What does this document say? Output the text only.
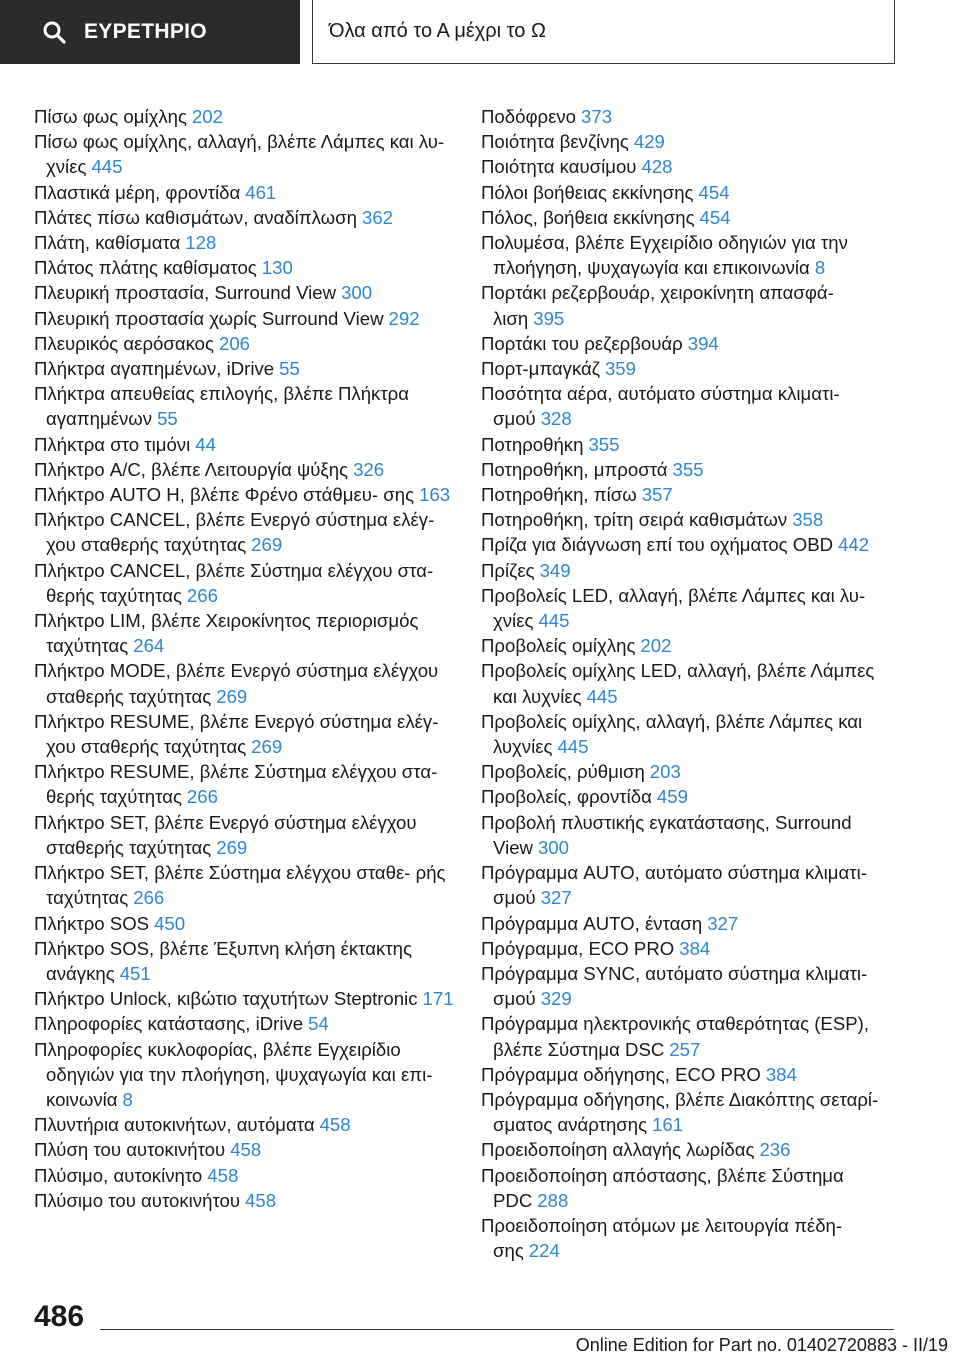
ΕΥΡΕΤΗΡΙΟ	Όλα από το Α μέχρι το Ω

Πίσω φως ομίχλης 202

Πίσω φως ομίχλης, αλλαγή, βλέπε Λάμπες και λυ‐ χνίες 445

Πλαστικά μέρη, φροντίδα 461

Πλάτες πίσω καθισμάτων, αναδίπλωση 362

Πλάτη, καθίσματα 128

Πλάτος πλάτης καθίσματος 130

Πλευρική προστασία, Surround View 300

Πλευρική προστασία χωρίς Surround View 292

Πλευρικός αερόσακος 206

Πλήκτρα αγαπημένων, iDrive 55

Πλήκτρα απευθείας επιλογής, βλέπε Πλήκτρα αγαπημένων 55

Πλήκτρα στο τιμόνι 44

Πλήκτρο A/C, βλέπε Λειτουργία ψύξης 326

Πλήκτρο AUTO H, βλέπε Φρένο στάθμευ‐ σης 163

Πλήκτρο CANCEL, βλέπε Ενεργό σύστημα ελέγ‐ χου σταθερής ταχύτητας 269

Πλήκτρο CANCEL, βλέπε Σύστημα ελέγχου στα‐ θερής ταχύτητας 266

Πλήκτρο LIM, βλέπε Χειροκίνητος περιορισμός ταχύτητας 264

Πλήκτρο MODE, βλέπε Ενεργό σύστημα ελέγχου σταθερής ταχύτητας 269

Πλήκτρο RESUME, βλέπε Ενεργό σύστημα ελέγ‐ χου σταθερής ταχύτητας 269

Πλήκτρο RESUME, βλέπε Σύστημα ελέγχου στα‐ θερής ταχύτητας 266

Πλήκτρο SET, βλέπε Ενεργό σύστημα ελέγχου σταθερής ταχύτητας 269

Πλήκτρο SET, βλέπε Σύστημα ελέγχου σταθε‐ ρής ταχύτητας 266

Πλήκτρο SOS 450

Πλήκτρο SOS, βλέπε Έξυπνη κλήση έκτακτης ανάγκης 451

Πλήκτρο Unlock, κιβώτιο ταχυτήτων Steptronic 171

Πληροφορίες κατάστασης, iDrive 54

Πληροφορίες κυκλοφορίας, βλέπε Εγχειρίδιο οδηγιών για την πλοήγηση, ψυχαγωγία και επι‐ κοινωνία 8

Πλυντήρια αυτοκινήτων, αυτόματα 458

Πλύση του αυτοκινήτου 458

Πλύσιμο, αυτοκίνητο 458

Πλύσιμο του αυτοκινήτου 458

Ποδόφρενο 373

Ποιότητα βενζίνης 429

Ποιότητα καυσίμου 428

Πόλοι βοήθειας εκκίνησης 454

Πόλος, βοήθεια εκκίνησης 454

Πολυμέσα, βλέπε Εγχειρίδιο οδηγιών για την πλοήγηση, ψυχαγωγία και επικοινωνία 8

Πορτάκι ρεζερβουάρ, χειροκίνητη απασφά‐ λιση 395

Πορτάκι του ρεζερβουάρ 394

Πορτ-μπαγκάζ 359

Ποσότητα αέρα, αυτόματο σύστημα κλιματι‐ σμού 328

Ποτηροθήκη 355

Ποτηροθήκη, μπροστά 355

Ποτηροθήκη, πίσω 357

Ποτηροθήκη, τρίτη σειρά καθισμάτων 358

Πρίζα για διάγνωση επί του οχήματος OBD 442

Πρίζες 349

Προβολείς LED, αλλαγή, βλέπε Λάμπες και λυ‐ χνίες 445

Προβολείς ομίχλης 202

Προβολείς ομίχλης LED, αλλαγή, βλέπε Λάμπες και λυχνίες 445

Προβολείς ομίχλης, αλλαγή, βλέπε Λάμπες και λυχνίες 445

Προβολείς, ρύθμιση 203

Προβολείς, φροντίδα 459

Προβολή πλυστικής εγκατάστασης, Surround View 300

Πρόγραμμα AUTO, αυτόματο σύστημα κλιματι‐ σμού 327

Πρόγραμμα AUTO, ένταση 327

Πρόγραμμα, ECO PRO 384

Πρόγραμμα SYNC, αυτόματο σύστημα κλιματι‐ σμού 329

Πρόγραμμα ηλεκτρονικής σταθερότητας (ESP), βλέπε Σύστημα DSC 257

Πρόγραμμα οδήγησης, ECO PRO 384

Πρόγραμμα οδήγησης, βλέπε Διακόπτης σεταρί‐ σματος ανάρτησης 161

Προειδοποίηση αλλαγής λωρίδας 236

Προειδοποίηση απόστασης, βλέπε Σύστημα PDC 288

Προειδοποίηση ατόμων με λειτουργία πέδη‐ σης 224

486
Online Edition for Part no. 01402720883 - II/19
